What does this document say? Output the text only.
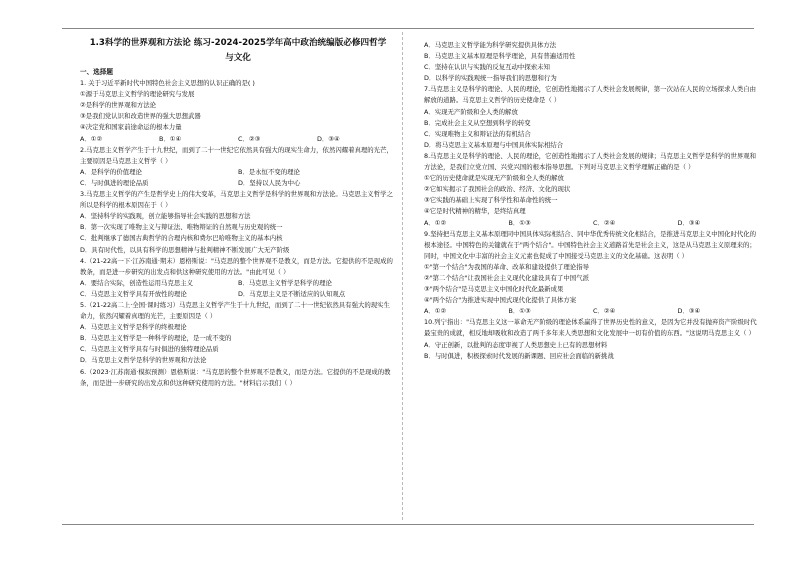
1.3科学的世界观和方法论 练习-2024-2025学年高中政治统编版必修四哲学
与文化
一、选择题
1. 关于习近平新时代中国特色社会主义思想的认识正确的是( )
①源于马克思主义哲学的理论研究与发展
②是科学的世界观和方法论
③是我们党认识和改造世界的强大思想武器
④决定党和国家前途命运的根本力量
A．①②	B．①④	C．②③	D．③④
2.马克思主义哲学产生于十九世纪，而到了二十一世纪它依然具有强大的现实生命力，依然闪耀着真理的光芒，主要原因是马克思主义哲学（ ）
A．是科学的价值理论	B．是永恒不变的理论
C．与时俱进的理论品质	D．坚持以人民为中心
3.马克思主义哲学的产生是哲学史上的伟大变革，马克思主义哲学是科学的世界观和方法论。马克思主义哲学之所以是科学的根本原因在于（ ）
A．坚持科学的实践观，创立能够指导社会实践的思想和方法
B．第一次实现了唯物主义与辩证法、唯物辩证的自然观与历史观的统一
C．批判继承了德国古典哲学的合理内核和费尔巴哈唯物主义的基本内核
D．具有时代性，以具有科学的思想精神与批判精神不断发展广大无产阶级
4.（21-22高一下·江苏南通·期末）恩格斯说："马克思的整个世界观不是教义，而是方法。它提供的不是现成的教条，而是进一步研究的出发点和供这种研究使用的方法。"由此可见（ ）
A．要结合实际，创造性运用马克思主义	B．马克思主义哲学是科学的理论
C．马克思主义哲学具有开放性的理论	D．马克思主义是不断适应的认知观点
5.（21-22高二上·全国·课时练习）马克思主义哲学产生于十九世纪，而到了二十一世纪依然具有强大的现实生命力，依然闪耀着真理的光芒，主要原因是（ ）
A．马克思主义哲学是科学的终极理论
B．马克思主义哲学是一种科学的理论，是一成不变的
C．马克思主义哲学具有与时俱进的独特理论品质
D．马克思主义哲学是科学的世界观和方法论
6.（2023·江苏南通·模拟预测）恩格斯说："马克思的整个世界观不是教义，而是方法。它提供的不是现成的教条，而是进一步研究的出发点和供这种研究使用的方法。"材料启示我们（ ）
A．马克思主义哲学能为科学研究提供具体方法
B．马克思主义基本原理是科学理论，具有普遍适用性
C．坚持在认识与实践的反复互动中探索未知
D．以科学的实践观统一指导我们的思想和行为
7.马克思主义是科学的理论、人民的理论，它创造性地揭示了人类社会发展规律，第一次站在人民的立场探求人类自由解放的道路。马克思主义哲学的历史使命是（ ）
A．实现无产阶级和全人类的解放
B．完成社会主义从空想到科学的转变
C．实现唯物主义和辩证法的有机结合
D．将马克思主义基本原理与中国具体实际相结合
8.马克思主义是科学的理论、人民的理论，它创造性地揭示了人类社会发展的规律；马克思主义哲学是科学的世界观和方法论，是我们立党立国、兴党兴国的根本指导思想。下列对马克思主义哲学理解正确的是（ ）
①它的历史使命就是实现无产阶级和全人类的解放
②它如实揭示了我国社会的政治、经济、文化的现状
③它实践的基础上实现了科学性和革命性的统一
④它是时代精神的精华，是终结真理
A．①②	B．①③	C．②④	D．③④
9.坚持把马克思主义基本原理同中国具体实际相结合、同中华优秀传统文化相结合，是推进马克思主义中国化时代化的根本途径。中国特色的关键就在于"两个结合"。中国特色社会主义道路首先是社会主义，这是从马克思主义原理来的；同时，中国文化中丰富的社会主义元素也促成了中国接受马克思主义的文化基础。这表明（ ）
①"第一个结合"为我国的革命、改革和建设提供了理论指导
②"第二个结合"让我国社会主义现代化建设具有了中国气派
③"两个结合"是马克思主义中国化时代化最新成果
④"两个结合"为推进实现中国式现代化提供了具体方案
A．①②	B．①③	C．②④	D．③④
10.列宁指出："马克思主义这一革命无产阶级的理论体系赢得了世界历史性的意义，是因为它并没有抛弃资产阶级时代最宝贵的成就，相反地却吸收和改造了两千多年来人类思想和文化发展中一切有价值的东西。"这说明马克思主义（ ）
A．守正创新，以批判的态度审视了人类思想史上已有的思想材料
B．与时俱进，积极探索时代发展的新课题、回应社会面临的新挑战
